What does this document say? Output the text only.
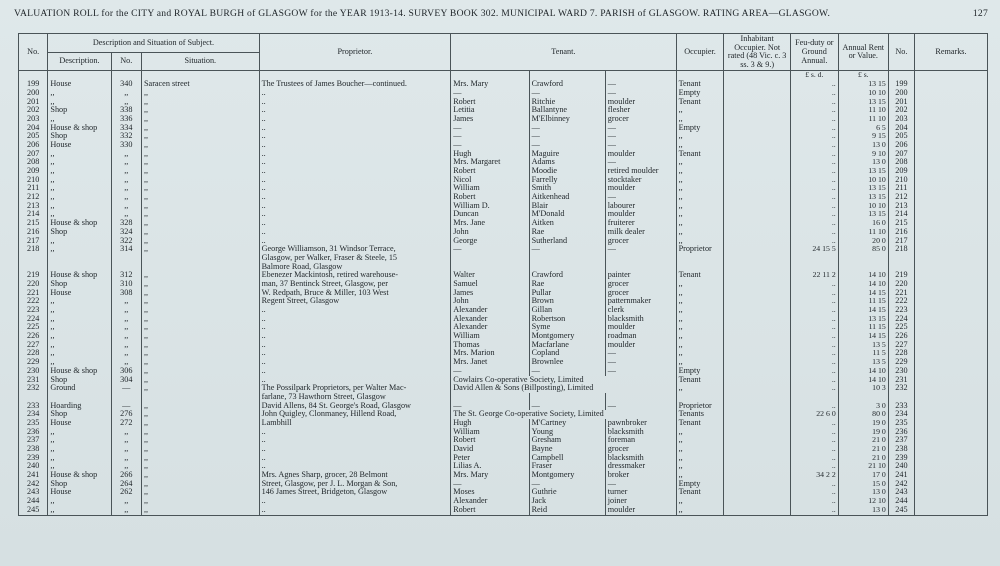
VALUATION ROLL for the CITY and ROYAL BURGH of GLASGOW for the YEAR 1913-14. SURVEY BOOK 302. MUNICIPAL WARD 7. PARISH of GLASGOW. RATING AREA—GLASGOW.	127
No.	Description and Situation of Subject.			Proprietor.	Tenant.			Occupier.	Inhabitant Occupier. Not rated (48 Vic. c. 3 ss. 3 & 9.)	Feu-duty or Ground Annual.	Annual Rent or Value.	No.	Remarks.
	Description.	No.	Situation.										
										£ s. d.	£ s.		
199	House	340	Saracen street	The Trustees of James Boucher—continued.	Mrs. Mary	Crawford	—	Tenant		..	13 15	199	
200	,,	,,	,,	..	—	—	—	Empty		..	10 10	200	
201	,,	,,	,,	..	Robert	Ritchie	moulder	Tenant		..	13 15	201	
202	Shop	338	,,	..	Letitia	Ballantyne	flesher	,,		..	11 10	202	
203	,,	336	,,	..	James	M'Elbinney	grocer	,,		..	11 10	203	
204	House & shop	334	,,	..	—	—	—	Empty		..	6 5	204	
205	Shop	332	,,	..	—	—	—	,,		..	9 15	205	
206	House	330	,,	..	—	—	—	,,		..	13 0	206	
207	,,	,,	,,	..	Hugh	Maguire	moulder	Tenant		..	9 10	207	
208	,,	,,	,,	..	Mrs. Margaret	Adams	—	,,		..	13 0	208	
209	,,	,,	,,	..	Robert	Moodie	retired moulder	,,		..	13 15	209	
210	,,	,,	,,	..	Nicol	Farrelly	stocktaker	,,		..	10 10	210	
211	,,	,,	,,	..	William	Smith	moulder	,,		..	13 15	211	
212	,,	,,	,,	..	Robert	Aitkenhead	—	,,		..	13 15	212	
213	,,	,,	,,	..	William D.	Blair	labourer	,,		..	10 10	213	
214	,,	,,	,,	..	Duncan	M'Donald	moulder	,,		..	13 15	214	
215	House & shop	328	,,	..	Mrs. Jane	Aitken	fruiterer	,,		..	16 0	215	
216	Shop	324	,,	..	John	Rae	milk dealer	,,		..	11 10	216	
217	,,	322	,,	..	George	Sutherland	grocer	,,		..	20 0	217	
218	,,	314	,,	George Williamson, 31 Windsor Terrace,	—	—	—	Proprietor		24 15 5	85 0	218	
				Glasgow, per Walker, Fraser & Steele, 15									
				Balmore Road, Glasgow									
219	House & shop	312	,,	Ebenezer Mackintosh, retired warehouse-	Walter	Crawford	painter	Tenant		22 11 2	14 10	219	
220	Shop	310	,,	man, 37 Bentinck Street, Glasgow, per	Samuel	Rae	grocer	,,		..	14 10	220	
221	House	308	,,	W. Redpath, Bruce & Miller, 103 West	James	Pullar	grocer	,,		..	14 15	221	
222	,,	,,	,,	Regent Street, Glasgow	John	Brown	patternmaker	,,		..	11 15	222	
223	,,	,,	,,	..	Alexander	Gillan	clerk	,,		..	14 15	223	
224	,,	,,	,,	..	Alexander	Robertson	blacksmith	,,		..	13 15	224	
225	,,	,,	,,	..	Alexander	Syme	moulder	,,		..	11 15	225	
226	,,	,,	,,	..	William	Montgomery	roadman	,,		..	14 15	226	
227	,,	,,	,,	..	Thomas	Macfarlane	moulder	,,		..	13 5	227	
228	,,	,,	,,	..	Mrs. Marion	Copland	—	,,		..	11 5	228	
229	,,	,,	,,	..	Mrs. Janet	Brownlee	—	,,		..	13 5	229	
230	House & shop	306	,,	..	—	—	—	Empty		..	14 10	230	
231	Shop	304	,,	..	Cowlairs Co-operative Society, Limited			Tenant		..	14 10	231	
232	Ground	—	,,	The Possilpark Proprietors, per Walter Mac-	David Allen & Sons (Billposting), Limited			,,		..	10 3	232	
				farlane, 73 Hawthorn Street, Glasgow									
233	Hoarding	—	,,	David Allens, 84 St. George's Road, Glasgow	—	—	—	Proprietor		..	3 0	233	
234	Shop	276	,,	John Quigley, Clonmaney, Hillend Road,	The St. George Co-operative Society, Limited			Tenants		22 6 0	80 0	234	
235	House	272	,,	Lambhill	Hugh	M'Cartney	pawnbroker	Tenant		..	19 0	235	
236	,,	,,	,,	..	William	Young	blacksmith	,,		..	19 0	236	
237	,,	,,	,,	..	Robert	Gresham	foreman	,,		..	21 0	237	
238	,,	,,	,,	..	David	Bayne	grocer	,,		..	21 0	238	
239	,,	,,	,,	..	Peter	Campbell	blacksmith	,,		..	21 0	239	
240	,,	,,	,,	..	Lilias A.	Fraser	dressmaker	,,		..	21 10	240	
241	House & shop	266	,,	Mrs. Agnes Sharp, grocer, 28 Belmont	Mrs. Mary	Montgomery	broker	,,		34 2 2	17 0	241	
242	Shop	264	,,	Street, Glasgow, per J. L. Morgan & Son,	—	—	—	Empty		..	15 0	242	
243	House	262	,,	146 James Street, Bridgeton, Glasgow	Moses	Guthrie	turner	Tenant		..	13 0	243	
244	,,	,,	,,	..	Alexander	Jack	joiner	,,		..	12 10	244	
245	,,	,,	,,	..	Robert	Reid	moulder	,,		..	13 0	245	
